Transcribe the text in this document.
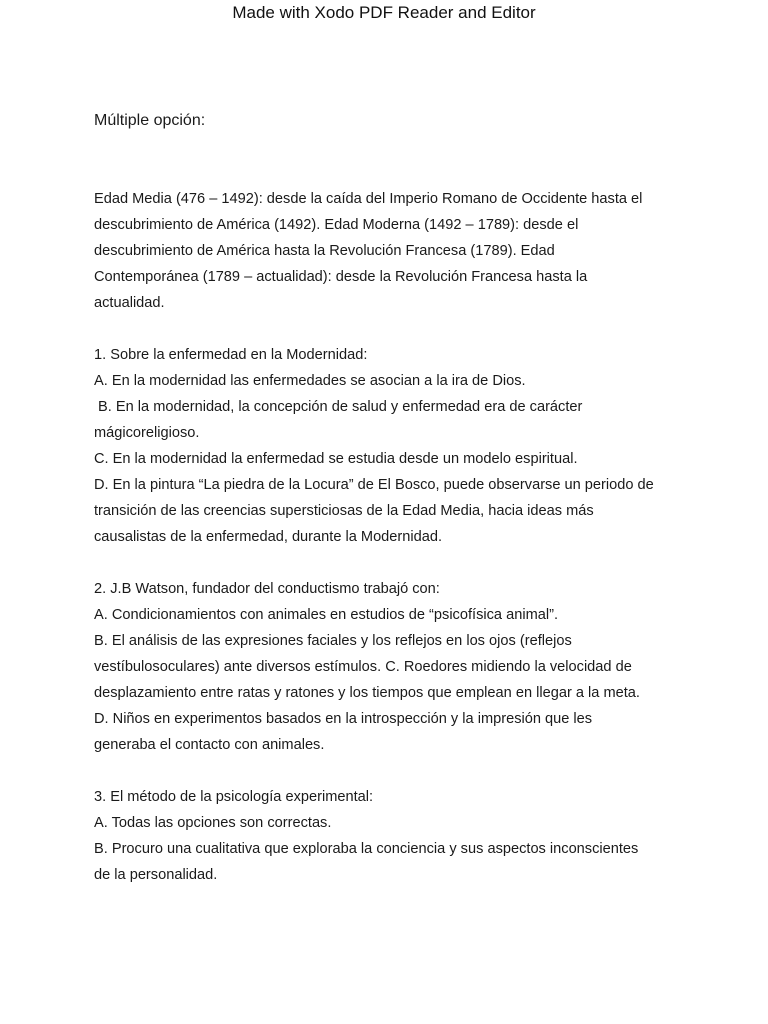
Made with Xodo PDF Reader and Editor
Múltiple opción:

Edad Media (476 – 1492): desde la caída del Imperio Romano de Occidente hasta el

descubrimiento de América (1492). Edad Moderna (1492 – 1789): desde el

descubrimiento de América hasta la Revolución Francesa (1789). Edad

Contemporánea (1789 – actualidad): desde la Revolución Francesa hasta la

actualidad.

1. Sobre la enfermedad en la Modernidad:

A. En la modernidad las enfermedades se asocian a la ira de Dios.

B. En la modernidad, la concepción de salud y enfermedad era de carácter

mágicoreligioso.

C. En la modernidad la enfermedad se estudia desde un modelo espiritual.

D. En la pintura “La piedra de la Locura” de El Bosco, puede observarse un periodo de

transición de las creencias supersticiosas de la Edad Media, hacia ideas más

causalistas de la enfermedad, durante la Modernidad.

2. J.B Watson, fundador del conductismo trabajó con:

A. Condicionamientos con animales en estudios de “psicofísica animal”.

B. El análisis de las expresiones faciales y los reflejos en los ojos (reflejos

vestíbulosoculares) ante diversos estímulos. C. Roedores midiendo la velocidad de

desplazamiento entre ratas y ratones y los tiempos que emplean en llegar a la meta.

D. Niños en experimentos basados en la introspección y la impresión que les

generaba el contacto con animales.

3. El método de la psicología experimental:

A. Todas las opciones son correctas.

B. Procuro una cualitativa que exploraba la conciencia y sus aspectos inconscientes

de la personalidad.
